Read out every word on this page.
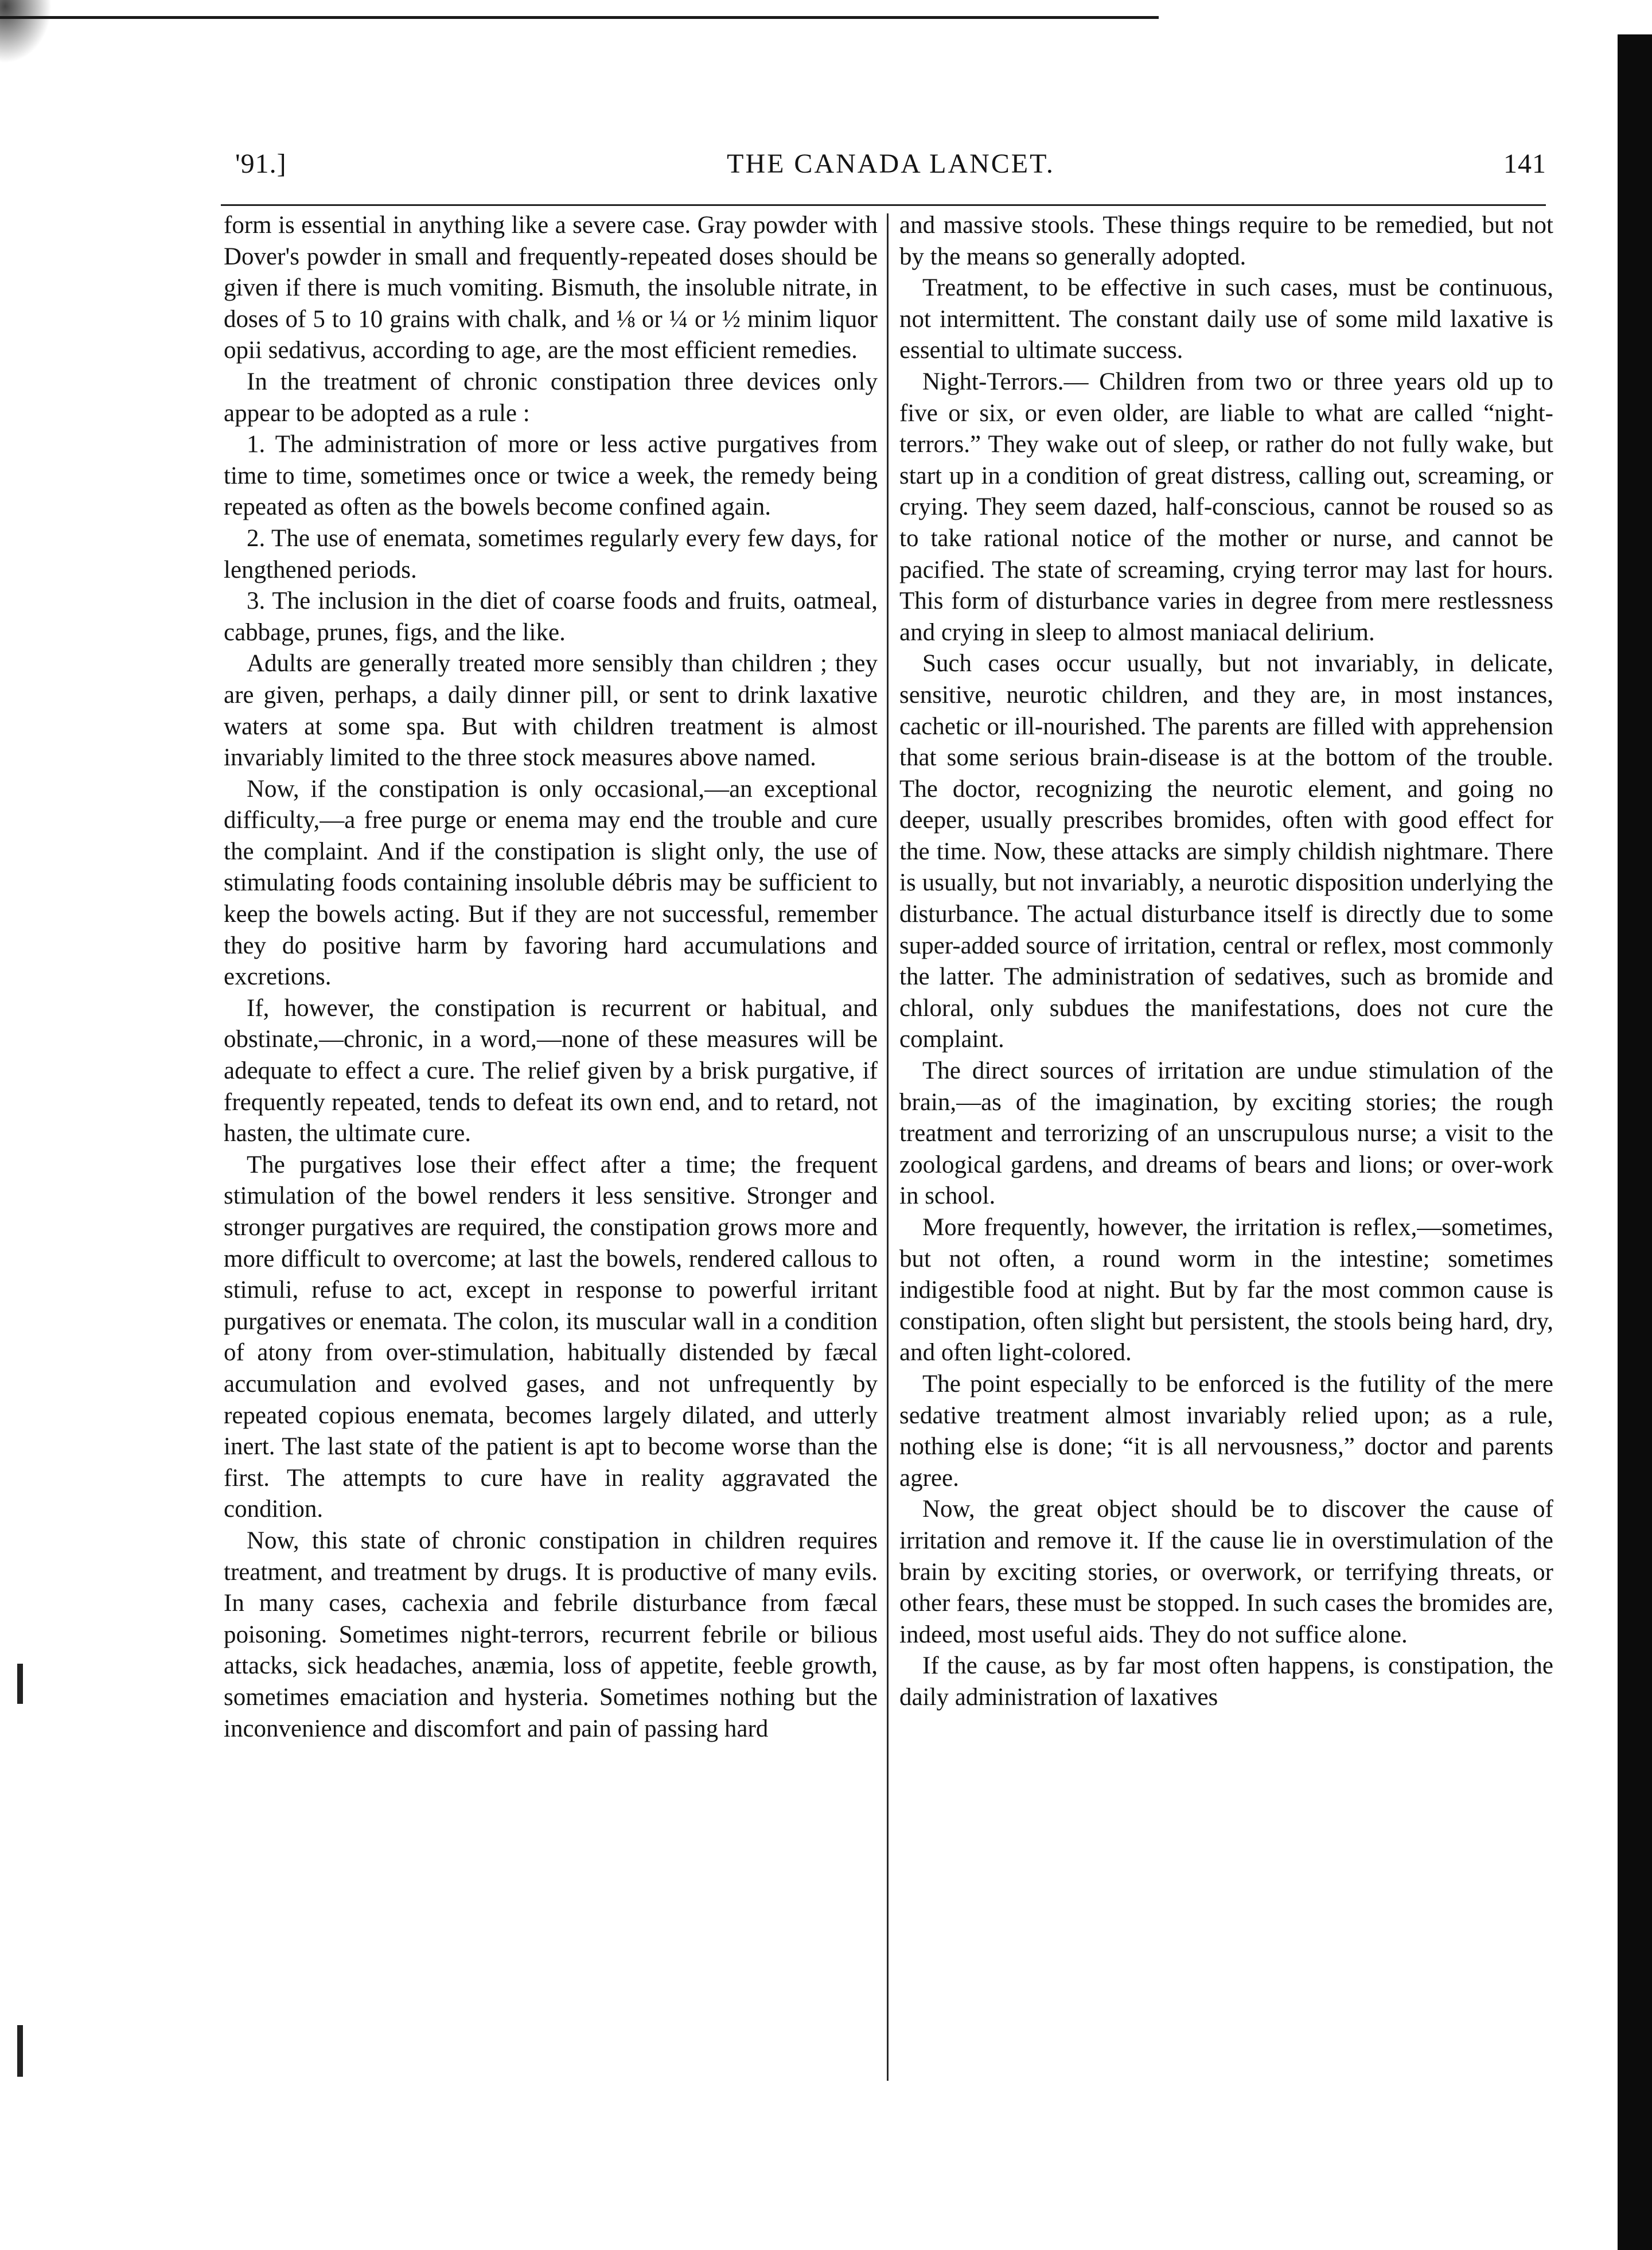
'91.]	THE CANADA LANCET.	141

form is essential in anything like a severe case. Gray powder with Dover's powder in small and frequently-repeated doses should be given if there is much vomiting. Bismuth, the insoluble nitrate, in doses of 5 to 10 grains with chalk, and ⅛ or ¼ or ½ minim liquor opii sedativus, according to age, are the most efficient remedies.

In the treatment of chronic constipation three devices only appear to be adopted as a rule :

1. The administration of more or less active purgatives from time to time, sometimes once or twice a week, the remedy being repeated as often as the bowels become confined again.

2. The use of enemata, sometimes regularly every few days, for lengthened periods.

3. The inclusion in the diet of coarse foods and fruits, oatmeal, cabbage, prunes, figs, and the like.

Adults are generally treated more sensibly than children ; they are given, perhaps, a daily dinner pill, or sent to drink laxative waters at some spa. But with children treatment is almost invariably limited to the three stock measures above named.

Now, if the constipation is only occasional,—an exceptional difficulty,—a free purge or enema may end the trouble and cure the complaint. And if the constipation is slight only, the use of stimulating foods containing insoluble débris may be sufficient to keep the bowels acting. But if they are not successful, remember they do positive harm by favoring hard accumulations and excretions.

If, however, the constipation is recurrent or habitual, and obstinate,—chronic, in a word,—none of these measures will be adequate to effect a cure. The relief given by a brisk purgative, if frequently repeated, tends to defeat its own end, and to retard, not hasten, the ultimate cure.

The purgatives lose their effect after a time; the frequent stimulation of the bowel renders it less sensitive. Stronger and stronger purgatives are required, the constipation grows more and more difficult to overcome; at last the bowels, rendered callous to stimuli, refuse to act, except in response to powerful irritant purgatives or enemata. The colon, its muscular wall in a condition of atony from over-stimulation, habitually distended by fæcal accumulation and evolved gases, and not unfrequently by repeated copious enemata, becomes largely dilated, and utterly inert. The last state of the patient is apt to become worse than the first. The attempts to cure have in reality aggravated the condition.

Now, this state of chronic constipation in children requires treatment, and treatment by drugs. It is productive of many evils. In many cases, cachexia and febrile disturbance from fæcal poisoning. Sometimes night-terrors, recurrent febrile or bilious attacks, sick headaches, anæmia, loss of appetite, feeble growth, sometimes emaciation and hysteria. Sometimes nothing but the inconvenience and discomfort and pain of passing hard

and massive stools. These things require to be remedied, but not by the means so generally adopted.

Treatment, to be effective in such cases, must be continuous, not intermittent. The constant daily use of some mild laxative is essential to ultimate success.

Night-Terrors.— Children from two or three years old up to five or six, or even older, are liable to what are called “night-terrors.” They wake out of sleep, or rather do not fully wake, but start up in a condition of great distress, calling out, screaming, or crying. They seem dazed, half-conscious, cannot be roused so as to take rational notice of the mother or nurse, and cannot be pacified. The state of screaming, crying terror may last for hours. This form of disturbance varies in degree from mere restlessness and crying in sleep to almost maniacal delirium.

Such cases occur usually, but not invariably, in delicate, sensitive, neurotic children, and they are, in most instances, cachetic or ill-nourished. The parents are filled with apprehension that some serious brain-disease is at the bottom of the trouble. The doctor, recognizing the neurotic element, and going no deeper, usually prescribes bromides, often with good effect for the time. Now, these attacks are simply childish nightmare. There is usually, but not invariably, a neurotic disposition underlying the disturbance. The actual disturbance itself is directly due to some super-added source of irritation, central or reflex, most commonly the latter. The administration of sedatives, such as bromide and chloral, only subdues the manifestations, does not cure the complaint.

The direct sources of irritation are undue stimulation of the brain,—as of the imagination, by exciting stories; the rough treatment and terrorizing of an unscrupulous nurse; a visit to the zoological gardens, and dreams of bears and lions; or over-work in school.

More frequently, however, the irritation is reflex,—sometimes, but not often, a round worm in the intestine; sometimes indigestible food at night. But by far the most common cause is constipation, often slight but persistent, the stools being hard, dry, and often light-colored.

The point especially to be enforced is the futility of the mere sedative treatment almost invariably relied upon; as a rule, nothing else is done; “it is all nervousness,” doctor and parents agree.

Now, the great object should be to discover the cause of irritation and remove it. If the cause lie in overstimulation of the brain by exciting stories, or overwork, or terrifying threats, or other fears, these must be stopped. In such cases the bromides are, indeed, most useful aids. They do not suffice alone.

If the cause, as by far most often happens, is constipation, the daily administration of laxatives
